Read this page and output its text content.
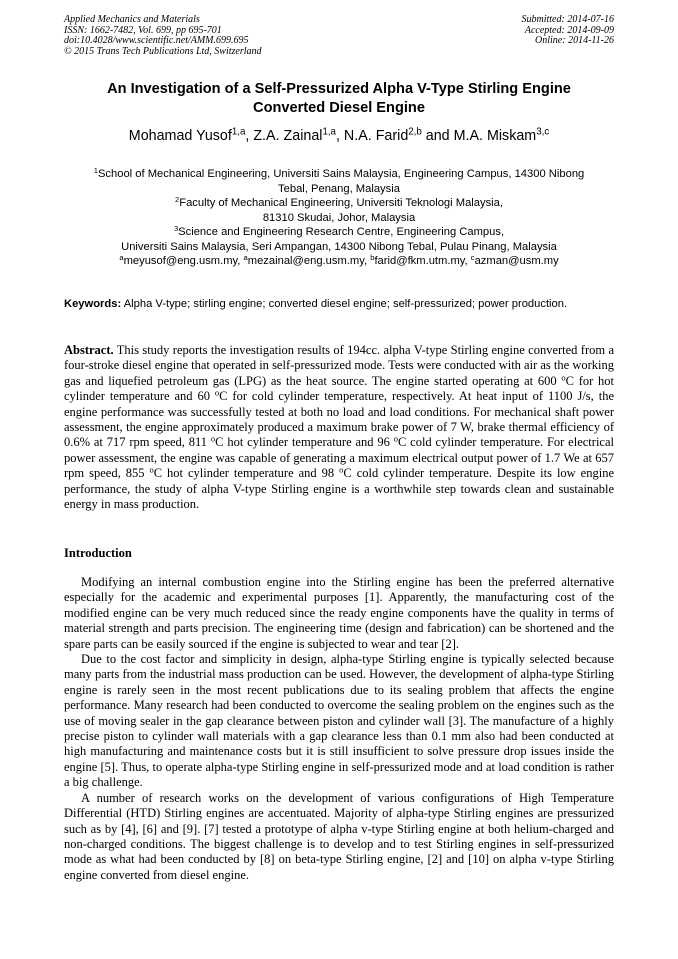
Applied Mechanics and Materials
ISSN: 1662-7482, Vol. 699, pp 695-701
doi:10.4028/www.scientific.net/AMM.699.695
© 2015 Trans Tech Publications Ltd, Switzerland
Submitted: 2014-07-16
Accepted: 2014-09-09
Online: 2014-11-26
An Investigation of a Self-Pressurized Alpha V-Type Stirling Engine
Converted Diesel Engine
Mohamad Yusof$^{1,a}$, Z.A. Zainal$^{1,a}$, N.A. Farid$^{2,b}$ and M.A. Miskam$^{3,c}$
$^1$School of Mechanical Engineering, Universiti Sains Malaysia, Engineering Campus, 14300 Nibong
Tebal, Penang, Malaysia
$^2$Faculty of Mechanical Engineering, Universiti Teknologi Malaysia,
81310 Skudai, Johor, Malaysia
$^3$Science and Engineering Research Centre, Engineering Campus,
Universiti Sains Malaysia, Seri Ampangan, 14300 Nibong Tebal, Pulau Pinang, Malaysia
$^a$meyusof@eng.usm.my, $^a$mezainal@eng.usm.my, $^b$farid@fkm.utm.my, $^c$azman@usm.my
Keywords: Alpha V-type; stirling engine; converted diesel engine; self-pressurized; power production.
Abstract. This study reports the investigation results of 194cc. alpha V-type Stirling engine converted from a four-stroke diesel engine that operated in self-pressurized mode. Tests were conducted with air as the working gas and liquefied petroleum gas (LPG) as the heat source. The engine started operating at 600 $^o$C for hot cylinder temperature and 60 $^o$C for cold cylinder temperature, respectively. At heat input of 1100 J/s, the engine performance was successfully tested at both no load and load conditions. For mechanical shaft power assessment, the engine approximately produced a maximum brake power of 7 W, brake thermal efficiency of 0.6% at 717 rpm speed, 811 $^o$C hot cylinder temperature and 96 $^o$C cold cylinder temperature. For electrical power assessment, the engine was capable of generating a maximum electrical output power of 1.7 We at 657 rpm speed, 855 $^o$C hot cylinder temperature and 98 $^o$C cold cylinder temperature. Despite its low engine performance, the study of alpha V-type Stirling engine is a worthwhile step towards clean and sustainable energy in mass production.
Introduction

Modifying an internal combustion engine into the Stirling engine has been the preferred alternative especially for the academic and experimental purposes [1]. Apparently, the manufacturing cost of the modified engine can be very much reduced since the ready engine components have the quality in terms of material strength and parts precision. The engineering time (design and fabrication) can be shortened and the spare parts can be easily sourced if the engine is subjected to wear and tear [2].

Due to the cost factor and simplicity in design, alpha-type Stirling engine is typically selected because many parts from the industrial mass production can be used. However, the development of alpha-type Stirling engine is rarely seen in the most recent publications due to its sealing problem that affects the engine performance. Many research had been conducted to overcome the sealing problem on the engines such as the use of moving sealer in the gap clearance between piston and cylinder wall [3]. The manufacture of a highly precise piston to cylinder wall materials with a gap clearance less than 0.1 mm also had been conducted at high manufacturing and maintenance costs but it is still insufficient to solve pressure drop issues inside the engine [5]. Thus, to operate alpha-type Stirling engine in self-pressurized mode and at load condition is rather a big challenge.

A number of research works on the development of various configurations of High Temperature Differential (HTD) Stirling engines are accentuated. Majority of alpha-type Stirling engines are pressurized such as by [4], [6] and [9]. [7] tested a prototype of alpha v-type Stirling engine at both helium-charged and non-charged conditions. The biggest challenge is to develop and to test Stirling engines in self-pressurized mode as what had been conducted by [8] on beta-type Stirling engine, [2] and [10] on alpha v-type Stirling engine converted from diesel engine.
